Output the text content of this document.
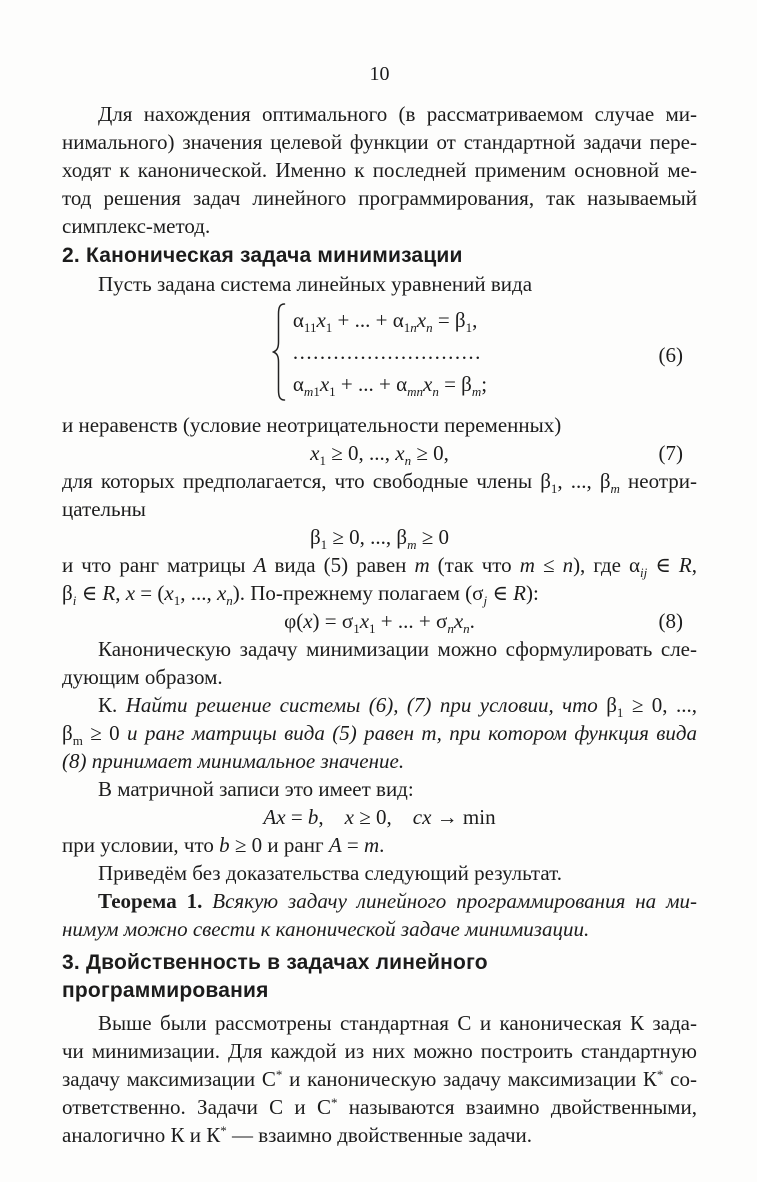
10
Для нахождения оптимального (в рассматриваемом случае ми-
нимального) значения целевой функции от стандартной задачи пере-
ходят к канонической. Именно к последней применим основной ме-
тод решения задач линейного программирования, так называемый
симплекс-метод.
2. Каноническая задача минимизации
Пусть задана система линейных уравнений вида
$\alpha_{11}x_1$ + ... + $\alpha_{1n}x_n = \beta_1$,
............................
$\alpha_{m1}x_1$ + ... + $\alpha_{mn}x_n = \beta_m$;
(6)
и неравенств (условие неотрицательности переменных)
$x_1 \ge 0$, ..., $x_n \ge 0$,	(7)
для которых предполагается, что свободные члены $\beta_1$, ..., $\beta_m$ неотри-
цательны
$\beta_1 \ge 0$, ..., $\beta_m \ge 0$
и что ранг матрицы A вида (5) равен m (так что m ≤ n), где $\alpha_{ij}$ ∈ R,
$\beta_i$ ∈ R, $x = (x_1$, ..., $x_n$). По-прежнему полагаем ($\sigma_j$ ∈ R):
$\varphi(x) = \sigma_1x_1$ + ... + $\sigma_nx_n$.	(8)
Каноническую задачу минимизации можно сформулировать сле-
дующим образом.
К. Найти решение системы (6), (7) при условии, что $\beta_1 \ge 0$, ...,
$\beta_m \ge 0$ и ранг матрицы вида (5) равен m, при котором функция вида
(8) принимает минимальное значение.
В матричной записи это имеет вид:
Ax = b,  x ≥ 0,  cx → min
при условии, что b ≥ 0 и ранг A = m.
Приведём без доказательства следующий результат.
Теорема 1. Всякую задачу линейного программирования на ми-
нимум можно свести к канонической задаче минимизации.
3. Двойственность в задачах линейного программирования
Выше были рассмотрены стандартная С и каноническая К зада-
чи минимизации. Для каждой из них можно построить стандартную
задачу максимизации С* и каноническую задачу максимизации К* со-
ответственно. Задачи С и С* называются взаимно двойственными,
аналогично К и К* — взаимно двойственные задачи.
